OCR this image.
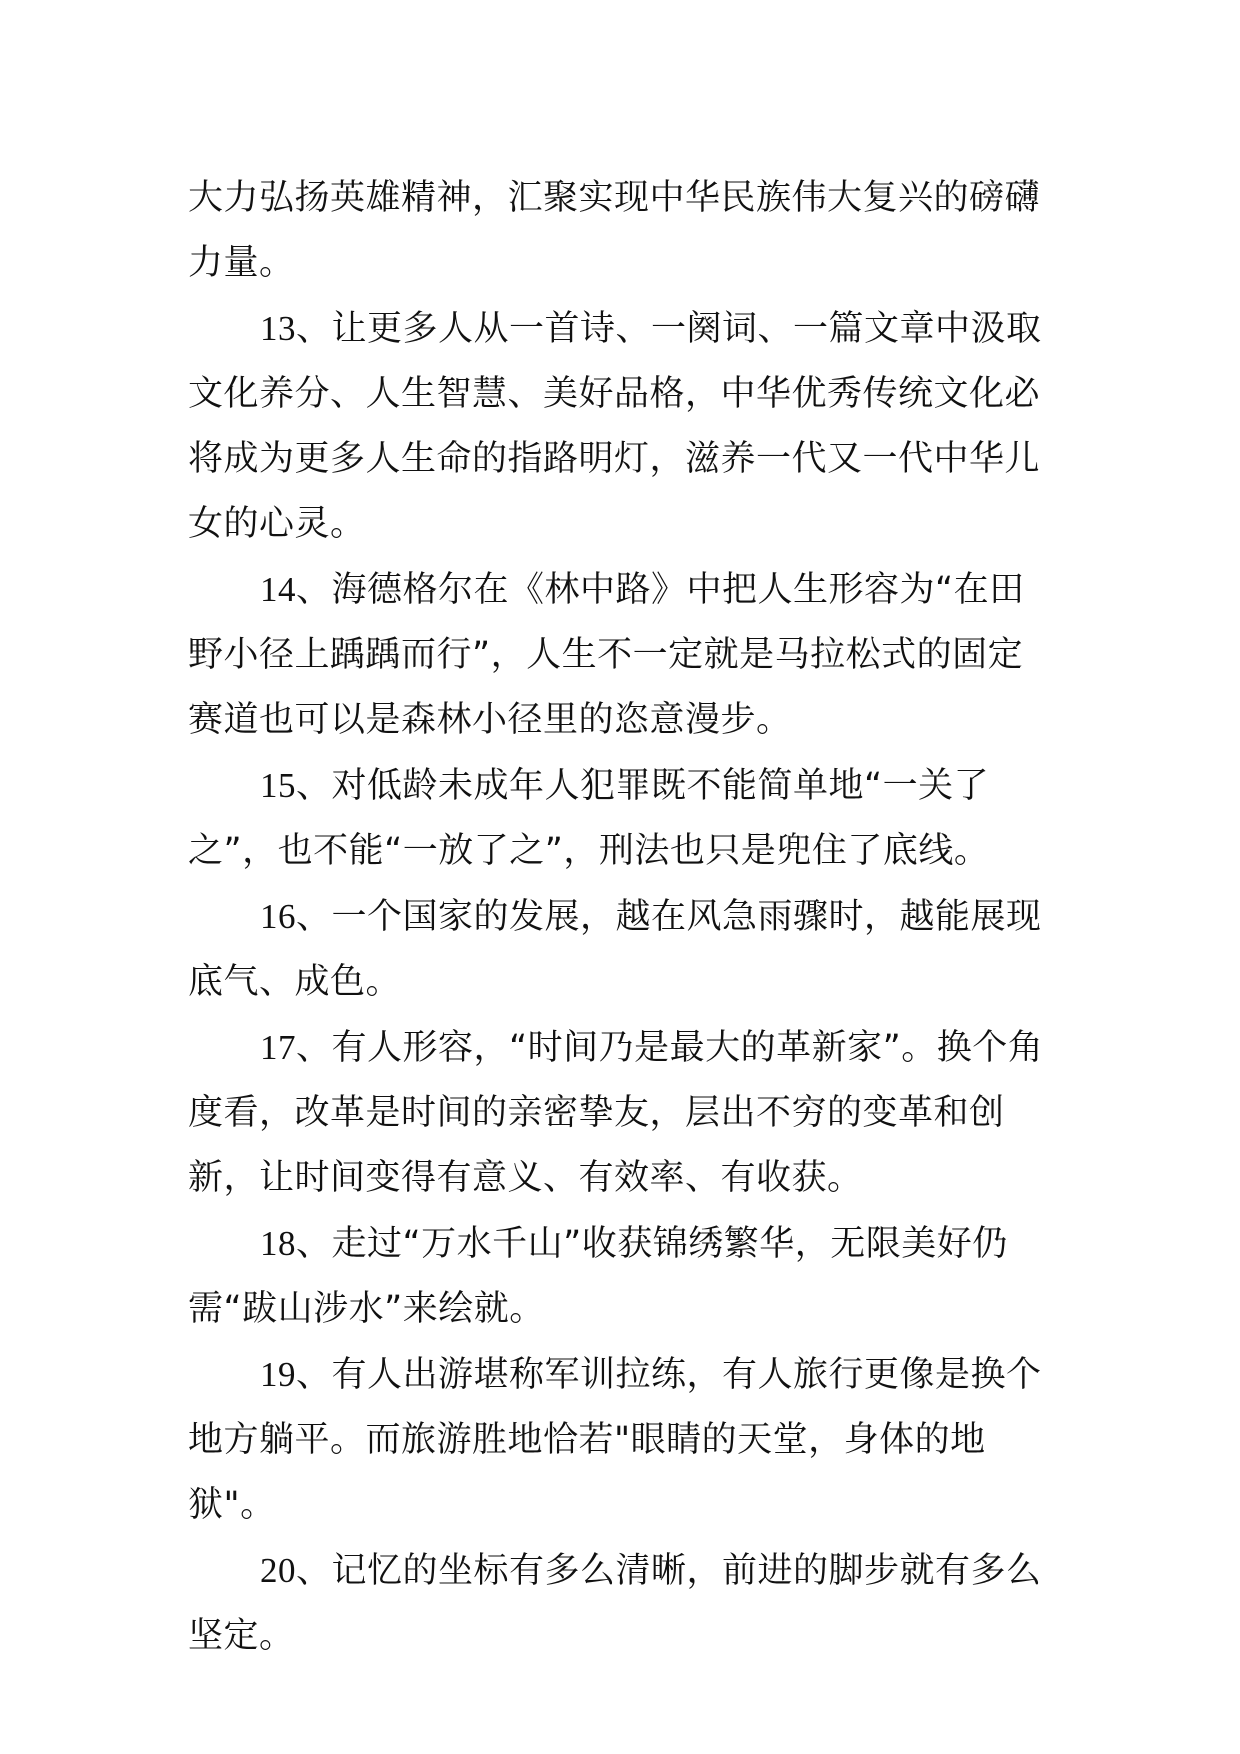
大力弘扬英雄精神，汇聚实现中华民族伟大复兴的磅礴力量。

13、让更多人从一首诗、一阕词、一篇文章中汲取文化养分、人生智慧、美好品格，中华优秀传统文化必将成为更多人生命的指路明灯，滋养一代又一代中华儿女的心灵。

14、海德格尔在《林中路》中把人生形容为“在田野小径上踽踽而行”，人生不一定就是马拉松式的固定赛道也可以是森林小径里的恣意漫步。

15、对低龄未成年人犯罪既不能简单地“一关了之”，也不能“一放了之”，刑法也只是兜住了底线。

16、一个国家的发展，越在风急雨骤时，越能展现底气、成色。

17、有人形容，“时间乃是最大的革新家”。换个角度看，改革是时间的亲密挚友，层出不穷的变革和创新，让时间变得有意义、有效率、有收获。

18、走过“万水千山”收获锦绣繁华，无限美好仍需“跋山涉水”来绘就。

19、有人出游堪称军训拉练，有人旅行更像是换个地方躺平。而旅游胜地恰若"眼睛的天堂，身体的地狱"。

20、记忆的坐标有多么清晰，前进的脚步就有多么坚定。
